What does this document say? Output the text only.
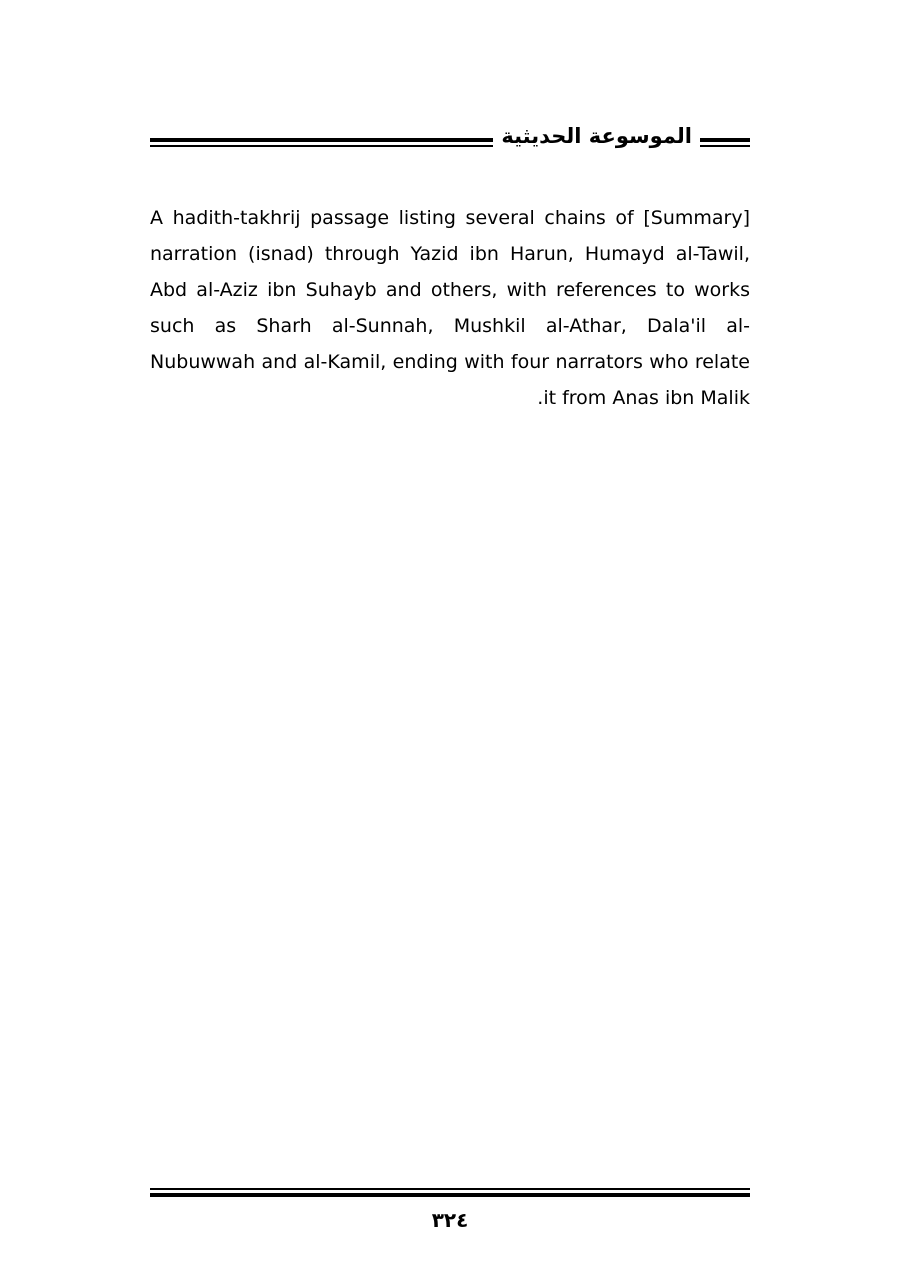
الموسوعة الحديثية

[Summary] A hadith-takhrij passage listing several chains of narration (isnad) through Yazid ibn Harun, Humayd al-Tawil, Abd al-Aziz ibn Suhayb and others, with references to works such as Sharh al-Sunnah, Mushkil al-Athar, Dala'il al-Nubuwwah and al-Kamil, ending with four narrators who relate it from Anas ibn Malik.

٣٢٤
